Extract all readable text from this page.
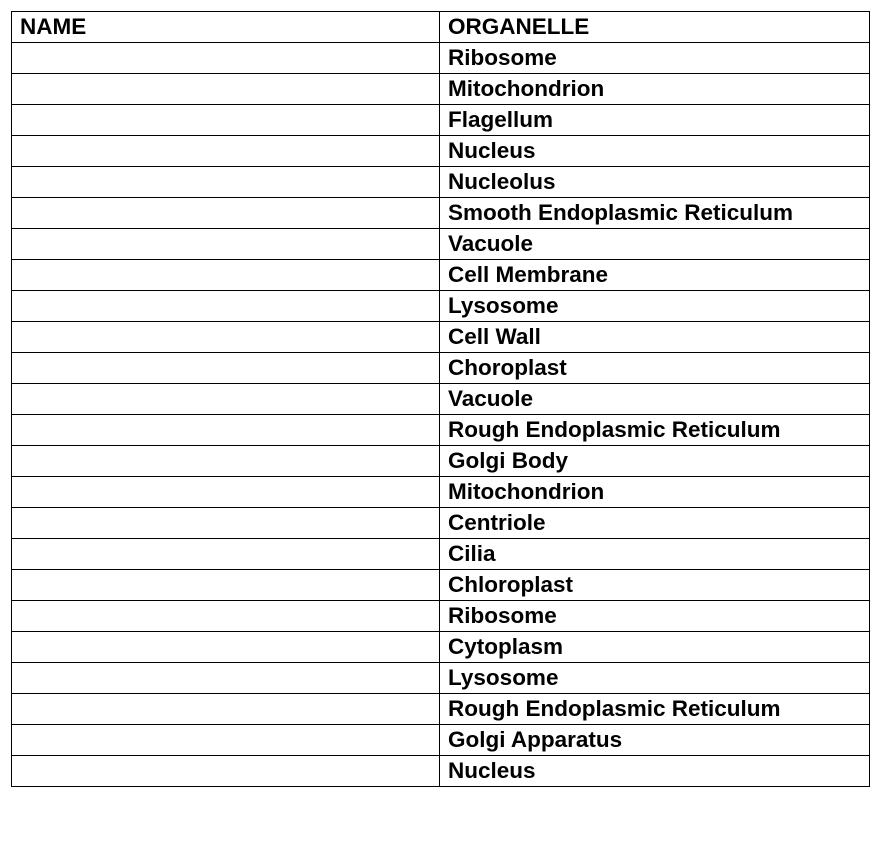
NAME	ORGANELLE
	Ribosome
	Mitochondrion
	Flagellum
	Nucleus
	Nucleolus
	Smooth Endoplasmic Reticulum
	Vacuole
	Cell Membrane
	Lysosome
	Cell Wall
	Choroplast
	Vacuole
	Rough Endoplasmic Reticulum
	Golgi Body
	Mitochondrion
	Centriole
	Cilia
	Chloroplast
	Ribosome
	Cytoplasm
	Lysosome
	Rough Endoplasmic Reticulum
	Golgi Apparatus
	Nucleus
